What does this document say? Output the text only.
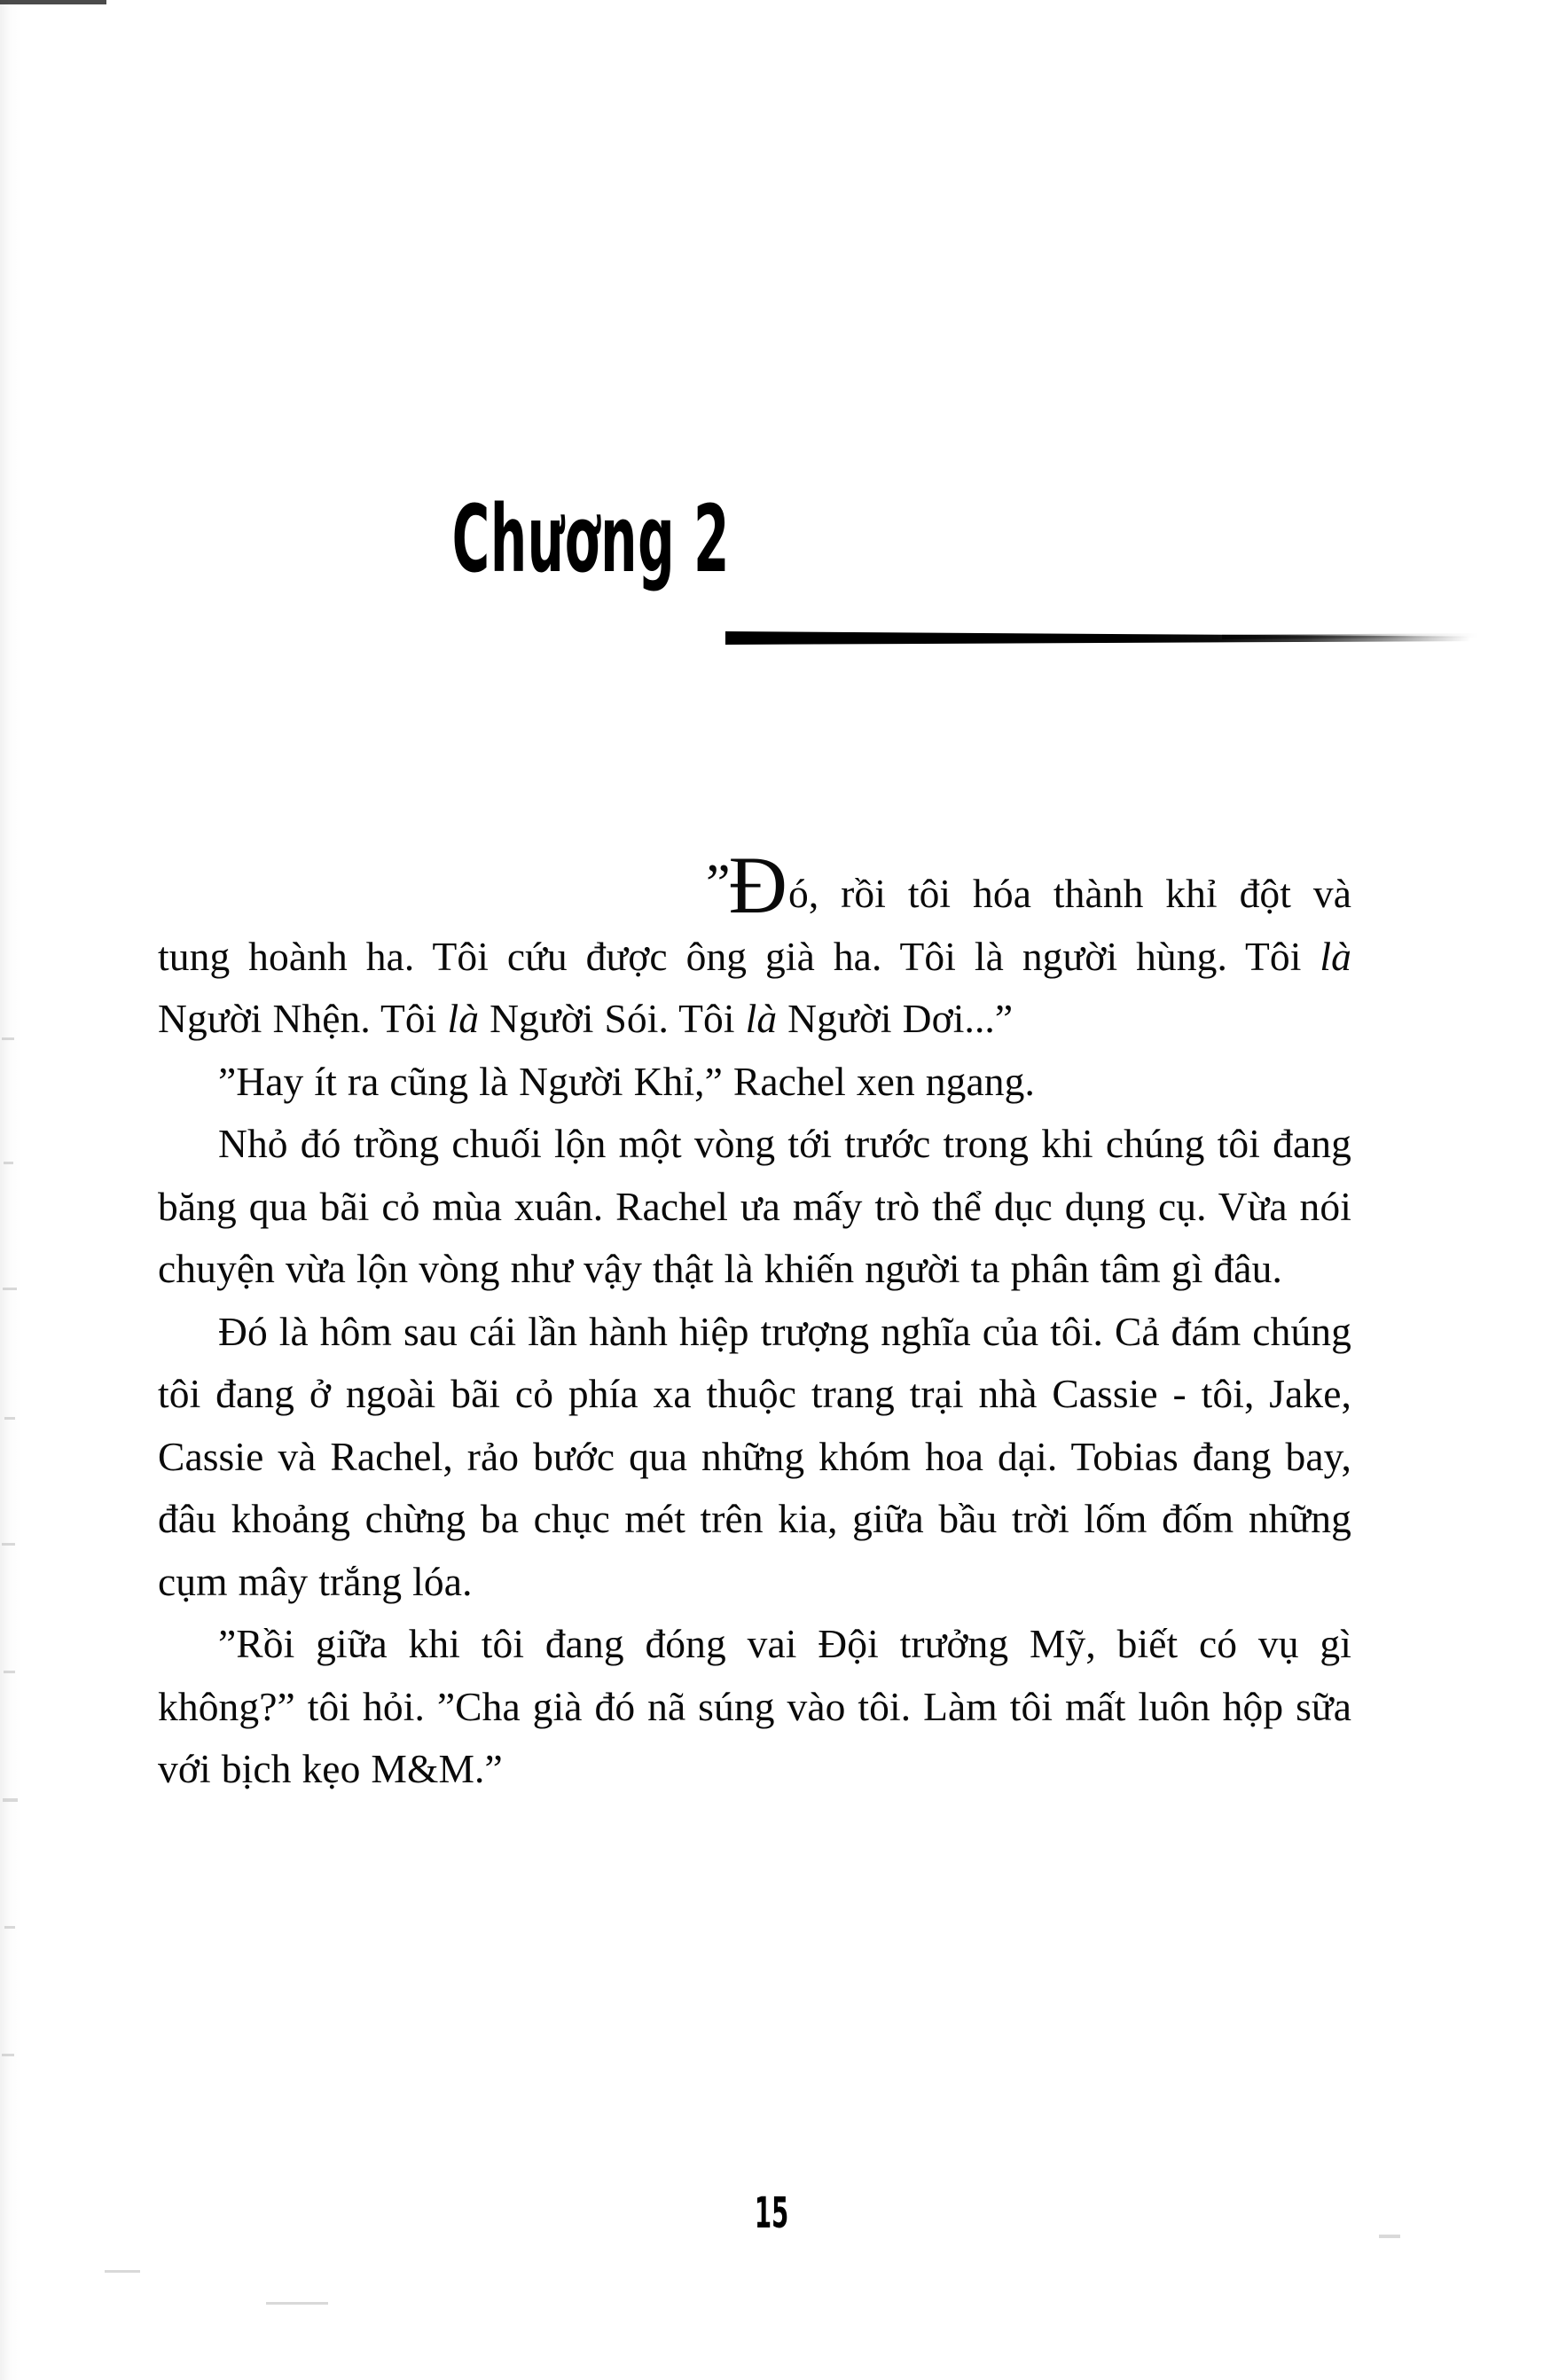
Chương 2

”Đó, rồi tôi hóa thành khỉ đột và tung hoành ha. Tôi cứu được ông già ha. Tôi là người hùng. Tôi là Người Nhện. Tôi là Người Sói. Tôi là Người Dơi...”

”Hay ít ra cũng là Người Khỉ,” Rachel xen ngang.

Nhỏ đó trồng chuối lộn một vòng tới trước trong khi chúng tôi đang băng qua bãi cỏ mùa xuân. Rachel ưa mấy trò thể dục dụng cụ. Vừa nói chuyện vừa lộn vòng như vậy thật là khiến người ta phân tâm gì đâu.

Đó là hôm sau cái lần hành hiệp trượng nghĩa của tôi. Cả đám chúng tôi đang ở ngoài bãi cỏ phía xa thuộc trang trại nhà Cassie - tôi, Jake, Cassie và Rachel, rảo bước qua những khóm hoa dại. Tobias đang bay, đâu khoảng chừng ba chục mét trên kia, giữa bầu trời lốm đốm những cụm mây trắng lóa.

”Rồi giữa khi tôi đang đóng vai Đội trưởng Mỹ, biết có vụ gì không?” tôi hỏi. ”Cha già đó nã súng vào tôi. Làm tôi mất luôn hộp sữa với bịch kẹo M&M.”

15
